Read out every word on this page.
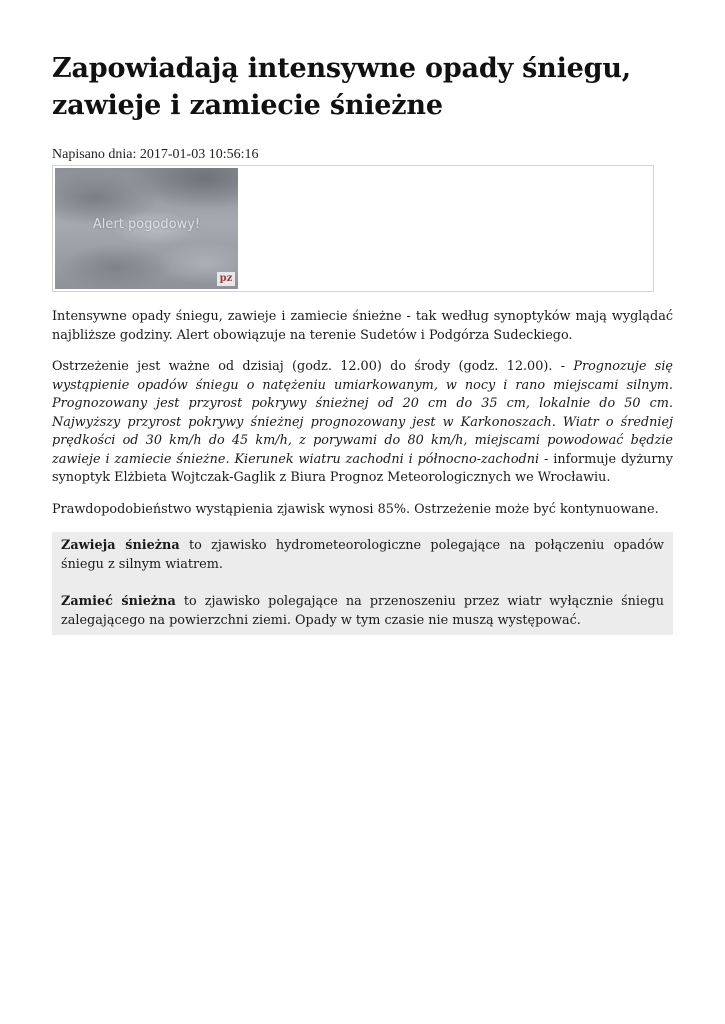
Zapowiadają intensywne opady śniegu,
zawieje i zamiecie śnieżne
Napisano dnia: 2017-01-03 10:56:16
Alert pogodowy!
pz

Intensywne opady śniegu, zawieje i zamiecie śnieżne - tak według synoptyków mają wyglądać najbliższe godziny. Alert obowiązuje na terenie Sudetów i Podgórza Sudeckiego.

Ostrzeżenie jest ważne od dzisiaj (godz. 12.00) do środy (godz. 12.00). - Prognozuje się wystąpienie opadów śniegu o natężeniu umiarkowanym, w nocy i rano miejscami silnym. Prognozowany jest przyrost pokrywy śnieżnej od 20 cm do 35 cm, lokalnie do 50 cm. Najwyższy przyrost pokrywy śnieżnej prognozowany jest w Karkonoszach. Wiatr o średniej prędkości od 30 km/h do 45 km/h, z porywami do 80 km/h, miejscami powodować będzie zawieje i zamiecie śnieżne. Kierunek wiatru zachodni i północno-zachodni - informuje dyżurny synoptyk Elżbieta Wojtczak-Gaglik z Biura Prognoz Meteorologicznych we Wrocławiu.

Prawdopodobieństwo wystąpienia zjawisk wynosi 85%. Ostrzeżenie może być kontynuowane.

Zawieja śnieżna to zjawisko hydrometeorologiczne polegające na połączeniu opadów śniegu z silnym wiatrem.

Zamieć śnieżna to zjawisko polegające na przenoszeniu przez wiatr wyłącznie śniegu zalegającego na powierzchni ziemi. Opady w tym czasie nie muszą występować.
